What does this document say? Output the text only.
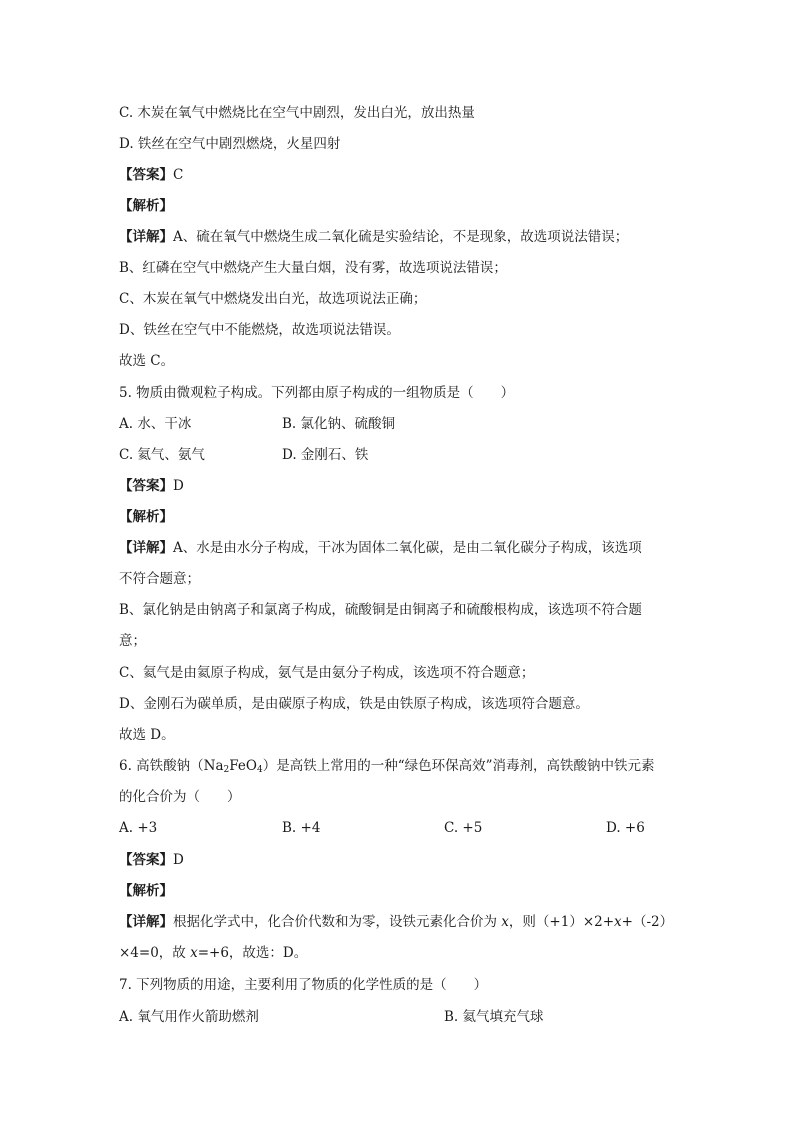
C. 木炭在氧气中燃烧比在空气中剧烈，发出白光，放出热量
D. 铁丝在空气中剧烈燃烧，火星四射
【答案】C
【解析】
【详解】A、硫在氧气中燃烧生成二氧化硫是实验结论，不是现象，故选项说法错误；
B、红磷在空气中燃烧产生大量白烟，没有雾，故选项说法错误；
C、木炭在氧气中燃烧发出白光，故选项说法正确；
D、铁丝在空气中不能燃烧，故选项说法错误。
故选 C。
5. 物质由微观粒子构成。下列都由原子构成的一组物质是（　　）
A. 水、干冰	B. 氯化钠、硫酸铜
C. 氦气、氨气	D. 金刚石、铁
【答案】D
【解析】
【详解】A、水是由水分子构成，干冰为固体二氧化碳，是由二氧化碳分子构成，该选项
不符合题意；
B、氯化钠是由钠离子和氯离子构成，硫酸铜是由铜离子和硫酸根构成，该选项不符合题
意；
C、氦气是由氦原子构成，氨气是由氨分子构成，该选项不符合题意；
D、金刚石为碳单质，是由碳原子构成，铁是由铁原子构成，该选项符合题意。
故选 D。
6. 高铁酸钠（Na2FeO4）是高铁上常用的一种“绿色环保高效”消毒剂，高铁酸钠中铁元素
的化合价为（　　）
A. +3	B. +4	C. +5	D. +6
【答案】D
【解析】
【详解】根据化学式中，化合价代数和为零，设铁元素化合价为 x，则（+1）×2+x+（-2）
×4=0，故 x=+6，故选：D。
7. 下列物质的用途，主要利用了物质的化学性质的是（　　）
A. 氧气用作火箭助燃剂	B. 氦气填充气球
